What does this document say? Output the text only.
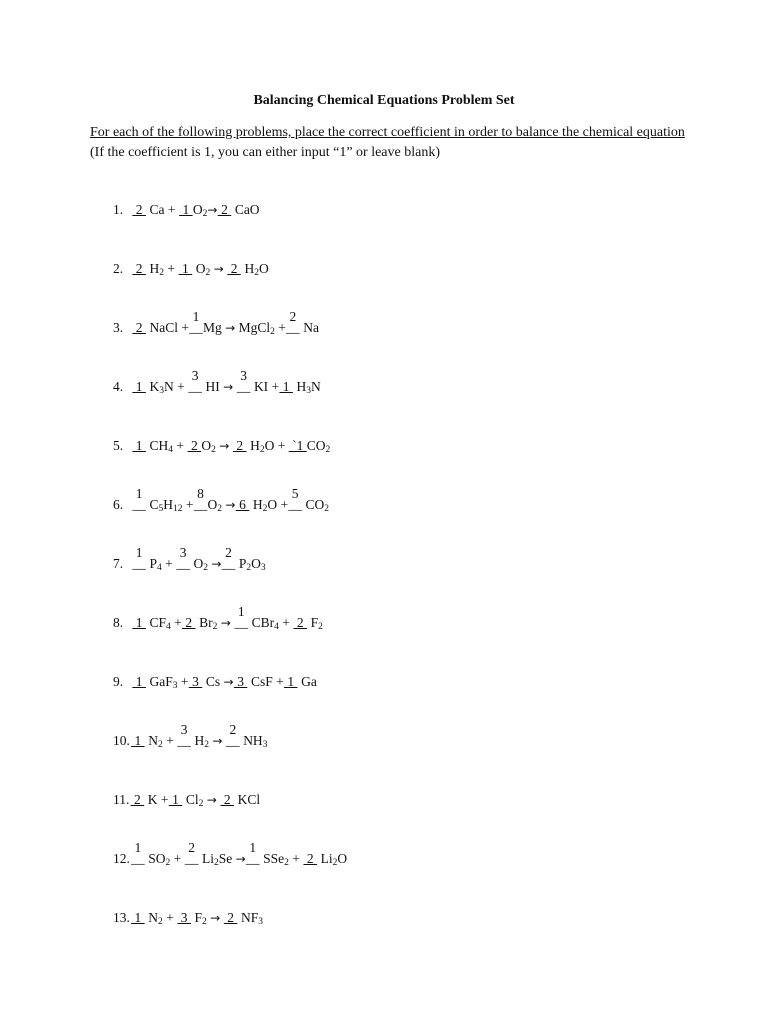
Balancing Chemical Equations Problem Set
For each of the following problems, place the correct coefficient in order to balance the chemical equation (If the coefficient is 1, you can either input “1” or leave blank)
1. 2  Ca +  1 $O_2\to 2$  CaO
2. 2  $H_2 + 1$  $O_2 \to 2$  $H_2O$
3. 2  NaCl +__
1
Mg → MgCl$_2$ +__
2
Na
4. 1  $K_3N$ + __
3
HI → __
3
KI + 1  $H_3N$
5. 1  $CH_4 + 2$ $O_2 \to 2$  $H_2O$ +  `1 $CO_2$
6. __
1
$C_5H_{12}$ +__
8
$O_2 \to 6$  $H_2O$ +__
5
$CO_2$
7. __
1
$P_4$ + __
3
$O_2$ →__
2
$P_2O_3$
8. 1  $CF_4 + 2$  $Br_2$ → __
1
CBr$_4$ +  2  $F_2$
9. 1  GaF$_3$ + 3  Cs → 3  CsF + 1  Ga
10. 1  $N_2$ + __
3
$H_2$ → __
2
$NH_3$
11. 2  K + 1  $Cl_2 \to 2$  KCl
12.__
1
$SO_2$ + __
2
$Li_2Se$ →__
1
SSe$_2$ +  2  $Li_2O$
13. 1  $N_2 + 3$  $F_2 \to 2$  $NF_3$
